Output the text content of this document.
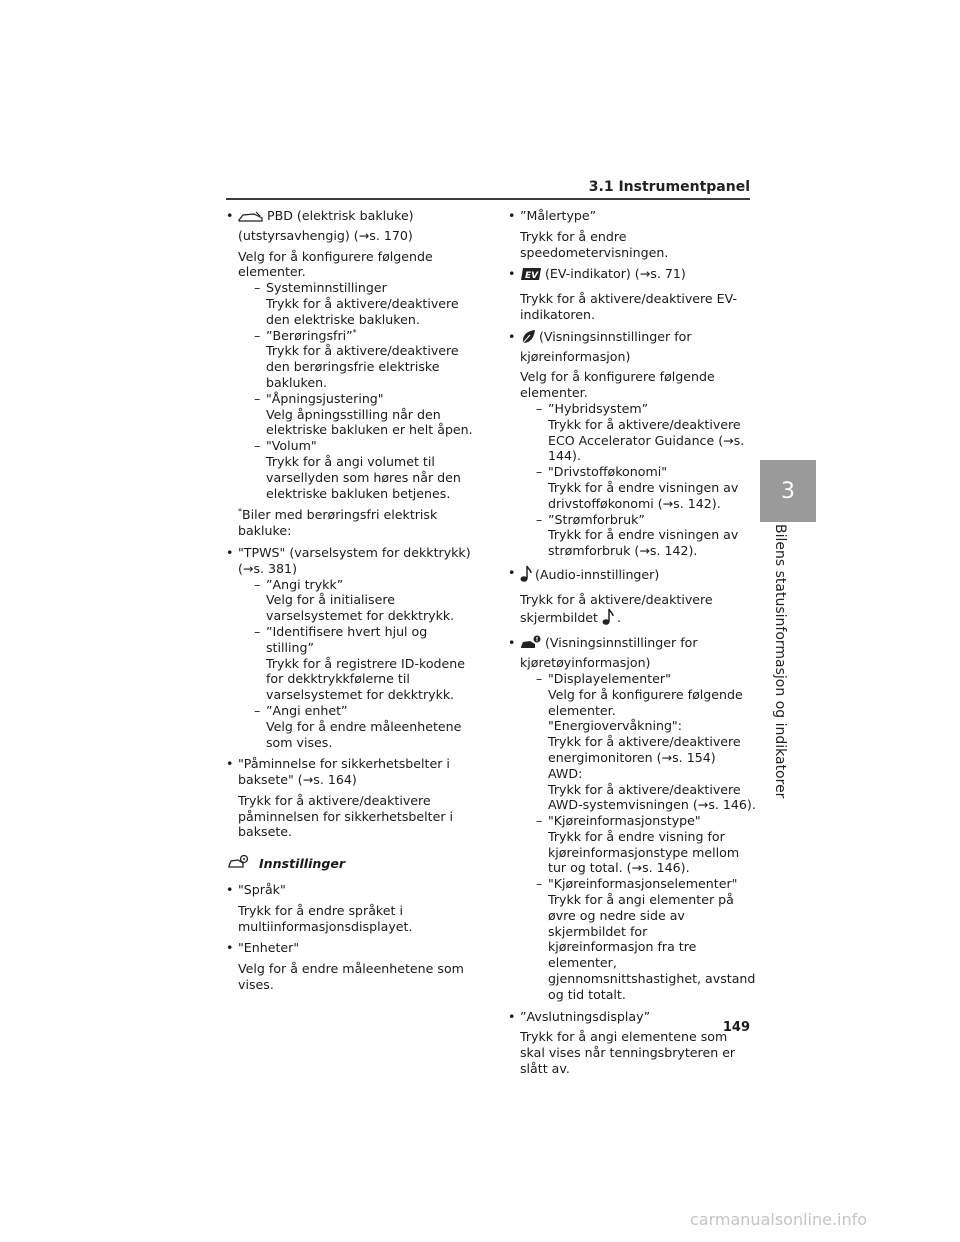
3.1 Instrumentpanel
•	PBD (elektrisk bakluke) (utstyrsavhengig) (→s. 170)
Velg for å konfigurere følgende elementer.
– Systeminnstillinger
Trykk for å aktivere/deaktivere den elektriske bakluken.
– ”Berøringsfri”*
Trykk for å aktivere/deaktivere den berøringsfrie elektriske bakluken.
– "Åpningsjustering"
Velg åpningsstilling når den elektriske bakluken er helt åpen.
– "Volum"
Trykk for å angi volumet til varsellyden som høres når den elektriske bakluken betjenes.
*Biler med berøringsfri elektrisk bakluke:
• "TPWS" (varselsystem for dekktrykk) (→s. 381)
– ”Angi trykk”
Velg for å initialisere varselsystemet for dekktrykk.
– ”Identifisere hvert hjul og stilling”
Trykk for å registrere ID-kodene for dekktrykkfølerne til varselsystemet for dekktrykk.
– ”Angi enhet”
Velg for å endre måleenhetene som vises.
• "Påminnelse for sikkerhetsbelter i baksete" (→s. 164)
Trykk for å aktivere/deaktivere påminnelsen for sikkerhetsbelter i baksete.
Innstillinger
• "Språk"
Trykk for å endre språket i multiinformasjonsdisplayet.
• "Enheter"
Velg for å endre måleenhetene som vises.
• ”Målertype”
Trykk for å endre speedometervisningen.
• EV (EV-indikator) (→s. 71)
Trykk for å aktivere/deaktivere EV-indikatoren.
• (Visningsinnstillinger for kjøreinformasjon)
Velg for å konfigurere følgende elementer.
– ”Hybridsystem”
Trykk for å aktivere/deaktivere ECO Accelerator Guidance (→s. 144).
– "Drivstofføkonomi"
Trykk for å endre visningen av drivstofføkonomi (→s. 142).
– ”Strømforbruk”
Trykk for å endre visningen av strømforbruk (→s. 142).
• (Audio-innstillinger)
Trykk for å aktivere/deaktivere skjermbildet .
• (Visningsinnstillinger for kjøretøyinformasjon)
– "Displayelementer"
Velg for å konfigurere følgende elementer.
"Energiovervåkning":
Trykk for å aktivere/deaktivere energimonitoren (→s. 154)
AWD:
Trykk for å aktivere/deaktivere AWD-systemvisningen (→s. 146).
– "Kjøreinformasjonstype"
Trykk for å endre visning for kjøreinformasjonstype mellom tur og total. (→s. 146).
– "Kjøreinformasjonselementer"
Trykk for å angi elementer på øvre og nedre side av skjermbildet for kjøreinformasjon fra tre elementer, gjennomsnittshastighet, avstand og tid totalt.
• ”Avslutningsdisplay”
Trykk for å angi elementene som skal vises når tenningsbryteren er slått av.
3
Bilens statusinformasjon og indikatorer
149
carmanualsonline.info
